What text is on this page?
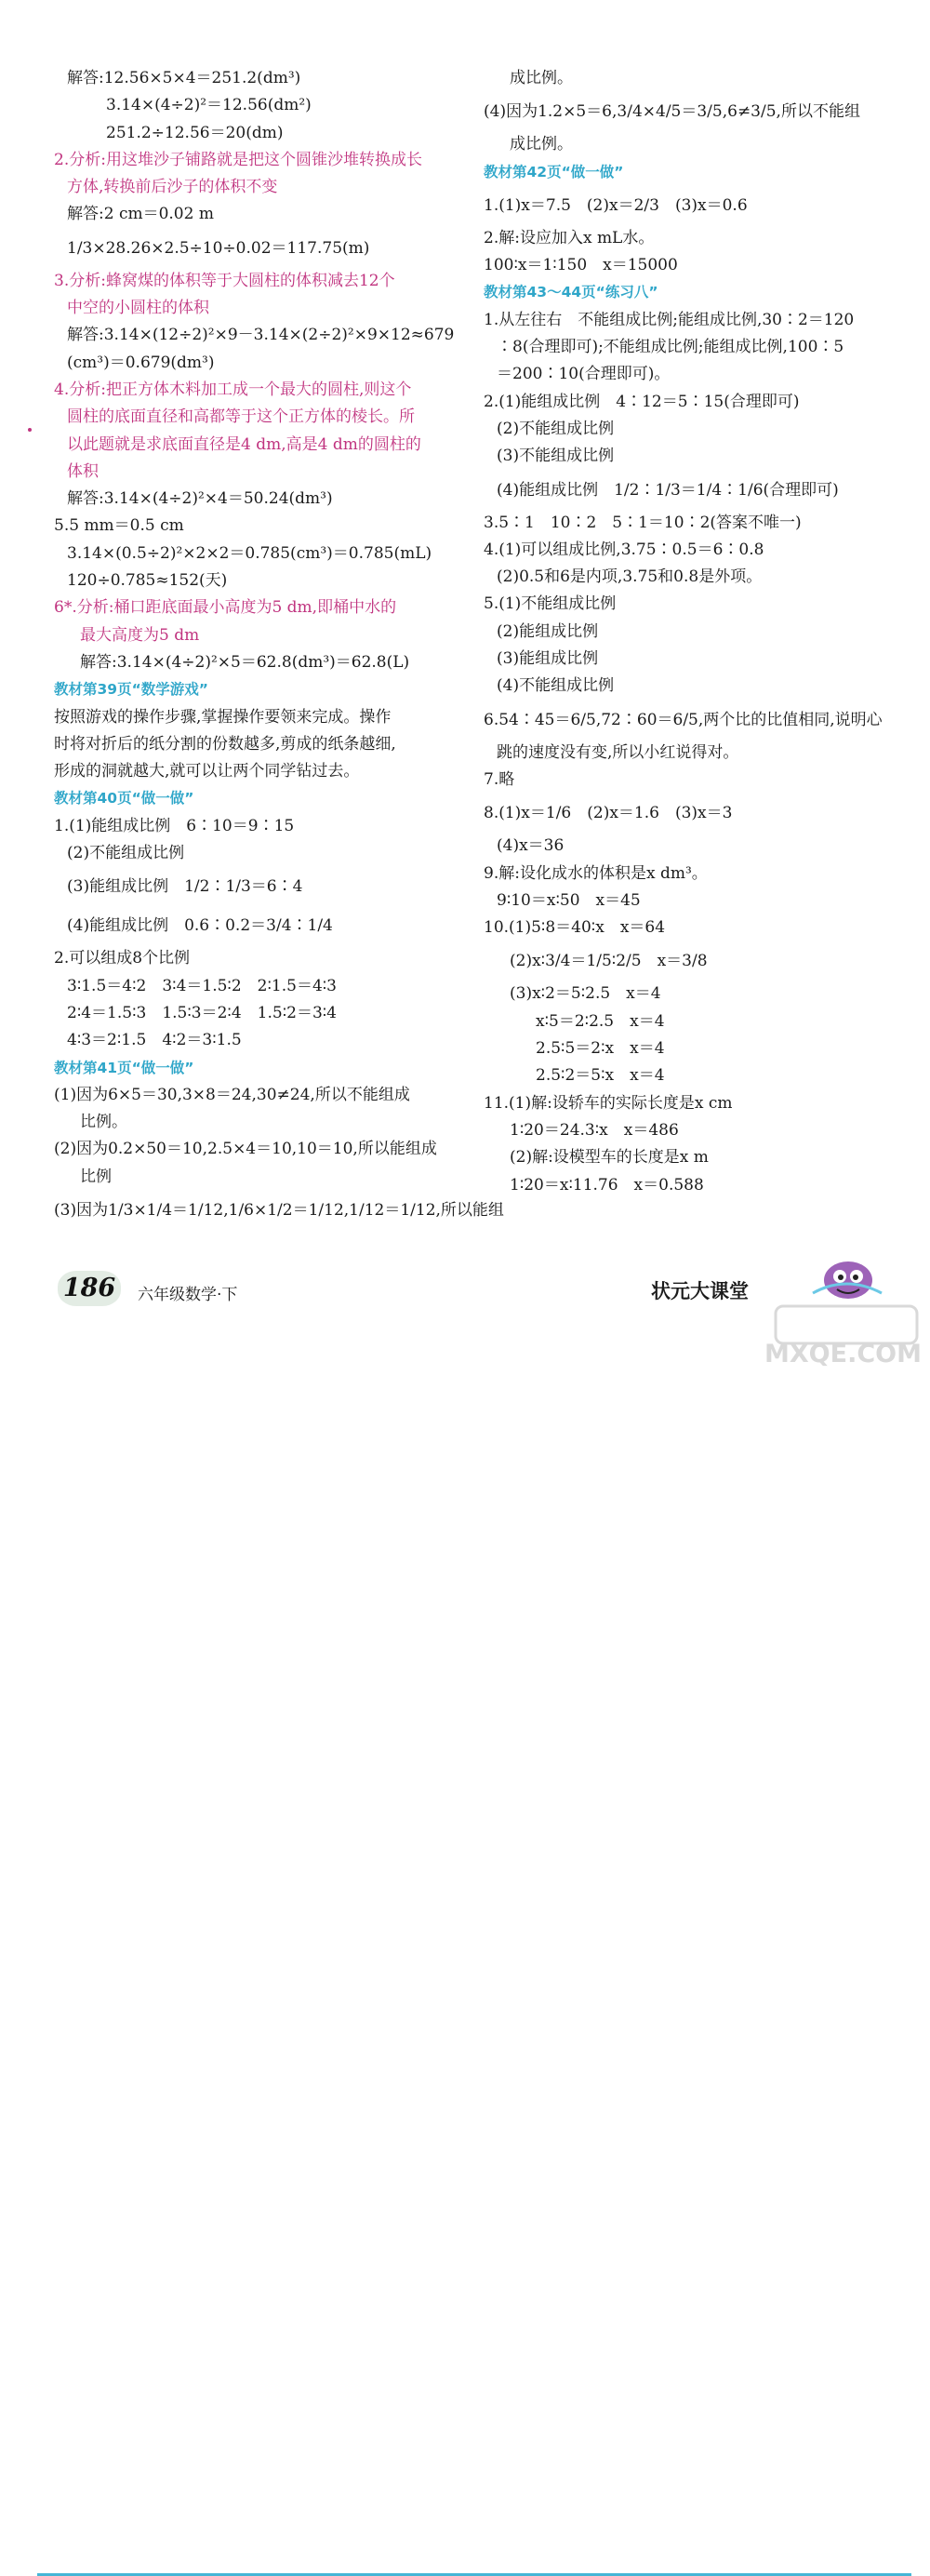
解答:12.56×5×4＝251.2(dm³)
3.14×(4÷2)²＝12.56(dm²)
251.2÷12.56＝20(dm)
2.分析:用这堆沙子铺路就是把这个圆锥沙堆转换成长
方体,转换前后沙子的体积不变
解答:2 cm＝0.02 m
1/3×28.26×2.5÷10÷0.02＝117.75(m)
3.分析:蜂窝煤的体积等于大圆柱的体积减去12个
中空的小圆柱的体积
解答:3.14×(12÷2)²×9－3.14×(2÷2)²×9×12≈679
(cm³)＝0.679(dm³)
4.分析:把正方体木料加工成一个最大的圆柱,则这个
圆柱的底面直径和高都等于这个正方体的棱长。所
以此题就是求底面直径是4 dm,高是4 dm的圆柱的
体积
解答:3.14×(4÷2)²×4＝50.24(dm³)
5.5 mm＝0.5 cm
3.14×(0.5÷2)²×2×2＝0.785(cm³)＝0.785(mL)
120÷0.785≈152(天)
6*.分析:桶口距底面最小高度为5 dm,即桶中水的
最大高度为5 dm
解答:3.14×(4÷2)²×5＝62.8(dm³)＝62.8(L)
教材第39页“数学游戏”
按照游戏的操作步骤,掌握操作要领来完成。操作
时将对折后的纸分割的份数越多,剪成的纸条越细,
形成的洞就越大,就可以让两个同学钻过去。
教材第40页“做一做”
1.(1)能组成比例　6∶10＝9∶15
(2)不能组成比例
(3)能组成比例　1/2∶1/3＝6∶4
(4)能组成比例　0.6∶0.2＝3/4∶1/4
2.可以组成8个比例
3∶1.5＝4∶2　3∶4＝1.5∶2　2∶1.5＝4∶3
2∶4＝1.5∶3　1.5∶3＝2∶4　1.5∶2＝3∶4
4∶3＝2∶1.5　4∶2＝3∶1.5
教材第41页“做一做”
(1)因为6×5＝30,3×8＝24,30≠24,所以不能组成
比例。
(2)因为0.2×50＝10,2.5×4＝10,10＝10,所以能组成
比例
(3)因为1/3×1/4＝1/12,1/6×1/2＝1/12,1/12＝1/12,所以能组
成比例。
(4)因为1.2×5＝6,3/4×4/5＝3/5,6≠3/5,所以不能组
成比例。
教材第42页“做一做”
1.(1)x＝7.5　(2)x＝2/3　(3)x＝0.6
2.解:设应加入x mL水。
100∶x＝1∶150　x＝15000
教材第43～44页“练习八”
1.从左往右　不能组成比例;能组成比例,30∶2＝120
∶8(合理即可);不能组成比例;能组成比例,100∶5
＝200∶10(合理即可)。
2.(1)能组成比例　4∶12＝5∶15(合理即可)
(2)不能组成比例
(3)不能组成比例
(4)能组成比例　1/2∶1/3＝1/4∶1/6(合理即可)
3.5∶1　10∶2　5∶1＝10∶2(答案不唯一)
4.(1)可以组成比例,3.75∶0.5＝6∶0.8
(2)0.5和6是内项,3.75和0.8是外项。
5.(1)不能组成比例
(2)能组成比例
(3)能组成比例
(4)不能组成比例
6.54∶45＝6/5,72∶60＝6/5,两个比的比值相同,说明心
跳的速度没有变,所以小红说得对。
7.略
8.(1)x＝1/6　(2)x＝1.6　(3)x＝3
(4)x＝36
9.解:设化成水的体积是x dm³。
9∶10＝x∶50　x＝45
10.(1)5∶8＝40∶x　x＝64
(2)x∶3/4＝1/5∶2/5　x＝3/8
(3)x∶2＝5∶2.5　x＝4
x∶5＝2∶2.5　x＝4
2.5∶5＝2∶x　x＝4
2.5∶2＝5∶x　x＝4
11.(1)解:设轿车的实际长度是x cm
1∶20＝24.3∶x　x＝486
(2)解:设模型车的长度是x m
1∶20＝x∶11.76　x＝0.588
186	六年级数学·下	状元大课堂
MXQE.COM
